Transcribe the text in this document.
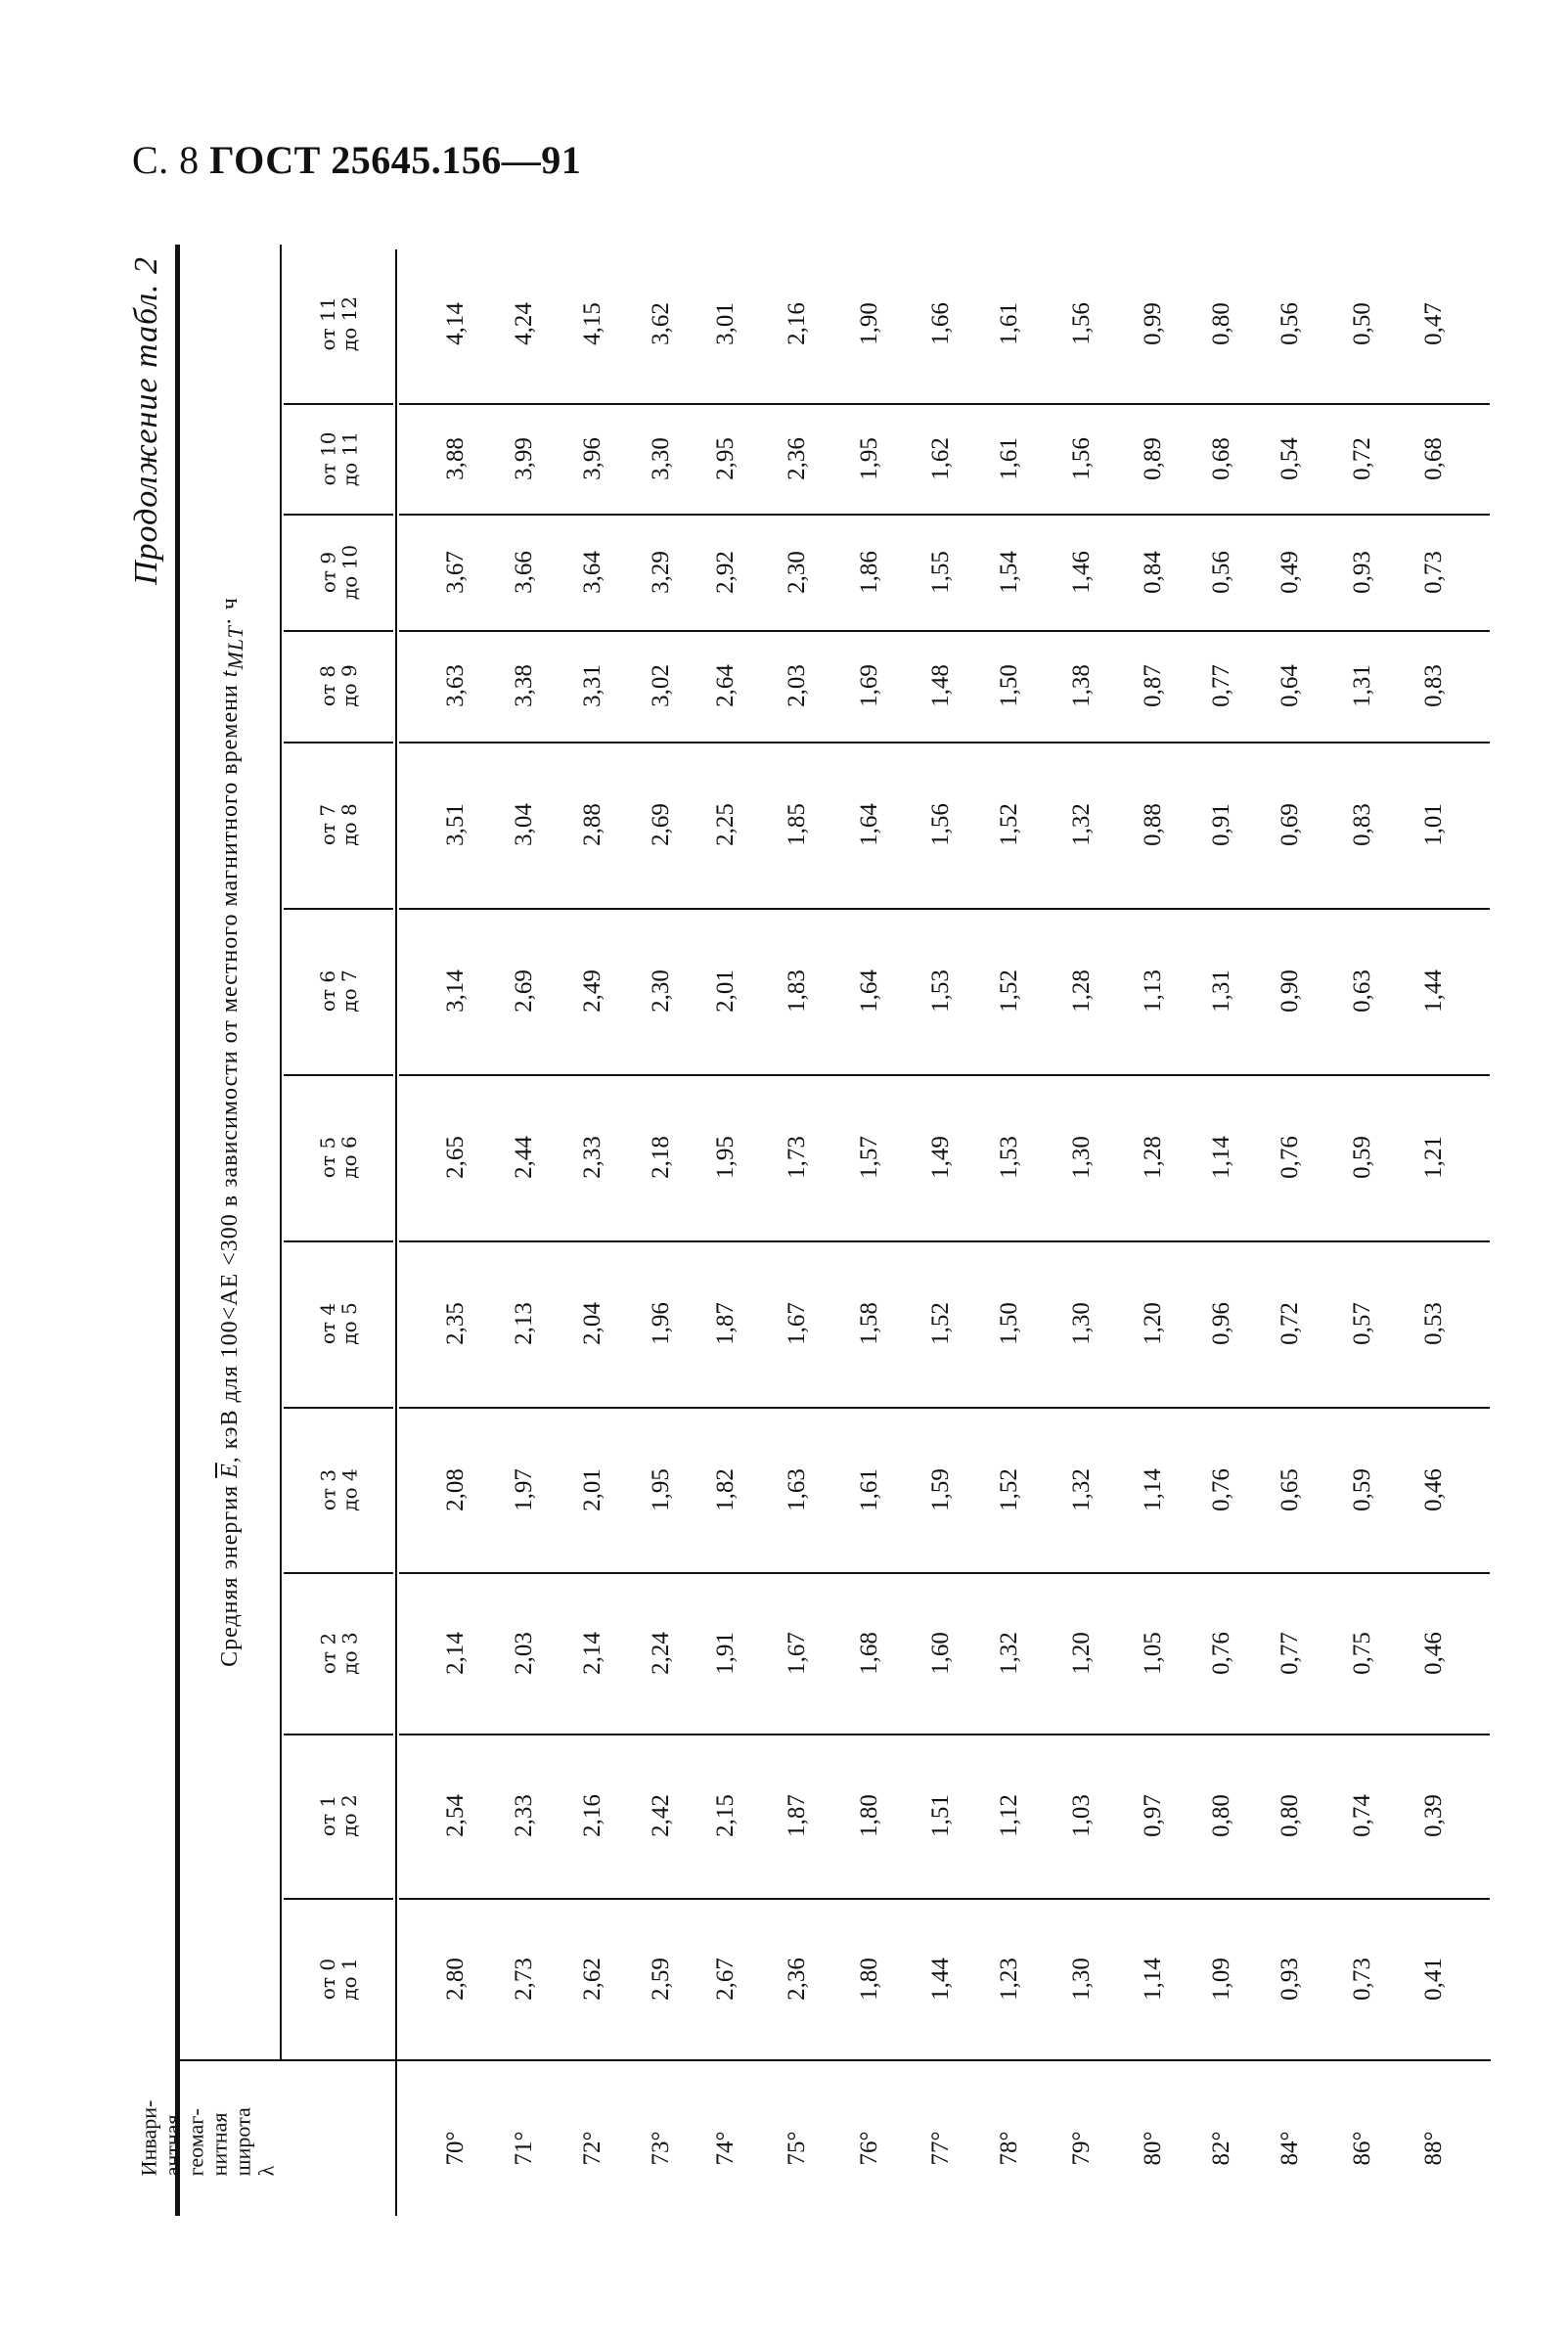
С. 8 ГОСТ 25645.156—91
Продолжение табл. 2
Средняя энергия $\overline{E}$, кэВ для 100<AE <300 в зависимости от местного магнитного времени $t_{MLT}\cdot ч$
Инвари-
антная
геомаг-
нитная
широта
λ
от 11
до 12
от 10
до 11
от 9
до 10
от 8
до 9
от 7
до 8
от 6
до 7
от 5
до 6
от 4
до 5
от 3
до 4
от 2
до 3
от 1
до 2
от 0
до 1
4,14 4,24 4,15 3,62 3,01 2,16 1,90 1,66 1,61 1,56 0,99 0,80 0,56 0,50 0,47
3,88 3,99 3,96 3,30 2,95 2,36 1,95 1,62 1,61 1,56 0,89 0,68 0,54 0,72 0,68
3,67 3,66 3,64 3,29 2,92 2,30 1,86 1,55 1,54 1,46 0,84 0,56 0,49 0,93 0,73
3,63 3,38 3,31 3,02 2,64 2,03 1,69 1,48 1,50 1,38 0,87 0,77 0,64 1,31 0,83
3,51 3,04 2,88 2,69 2,25 1,85 1,64 1,56 1,52 1,32 0,88 0,91 0,69 0,83 1,01
3,14 2,69 2,49 2,30 2,01 1,83 1,64 1,53 1,52 1,28 1,13 1,31 0,90 0,63 1,44
2,65 2,44 2,33 2,18 1,95 1,73 1,57 1,49 1,53 1,30 1,28 1,14 0,76 0,59 1,21
2,35 2,13 2,04 1,96 1,87 1,67 1,58 1,52 1,50 1,30 1,20 0,96 0,72 0,57 0,53
2,08 1,97 2,01 1,95 1,82 1,63 1,61 1,59 1,52 1,32 1,14 0,76 0,65 0,59 0,46
2,14 2,03 2,14 2,24 1,91 1,67 1,68 1,60 1,32 1,20 1,05 0,76 0,77 0,75 0,46
2,54 2,33 2,16 2,42 2,15 1,87 1,80 1,51 1,12 1,03 0,97 0,80 0,80 0,74 0,39
2,80 2,73 2,62 2,59 2,67 2,36 1,80 1,44 1,23 1,30 1,14 1,09 0,93 0,73 0,41
70° 71° 72° 73° 74° 75° 76° 77° 78° 79° 80° 82° 84° 86° 88°
